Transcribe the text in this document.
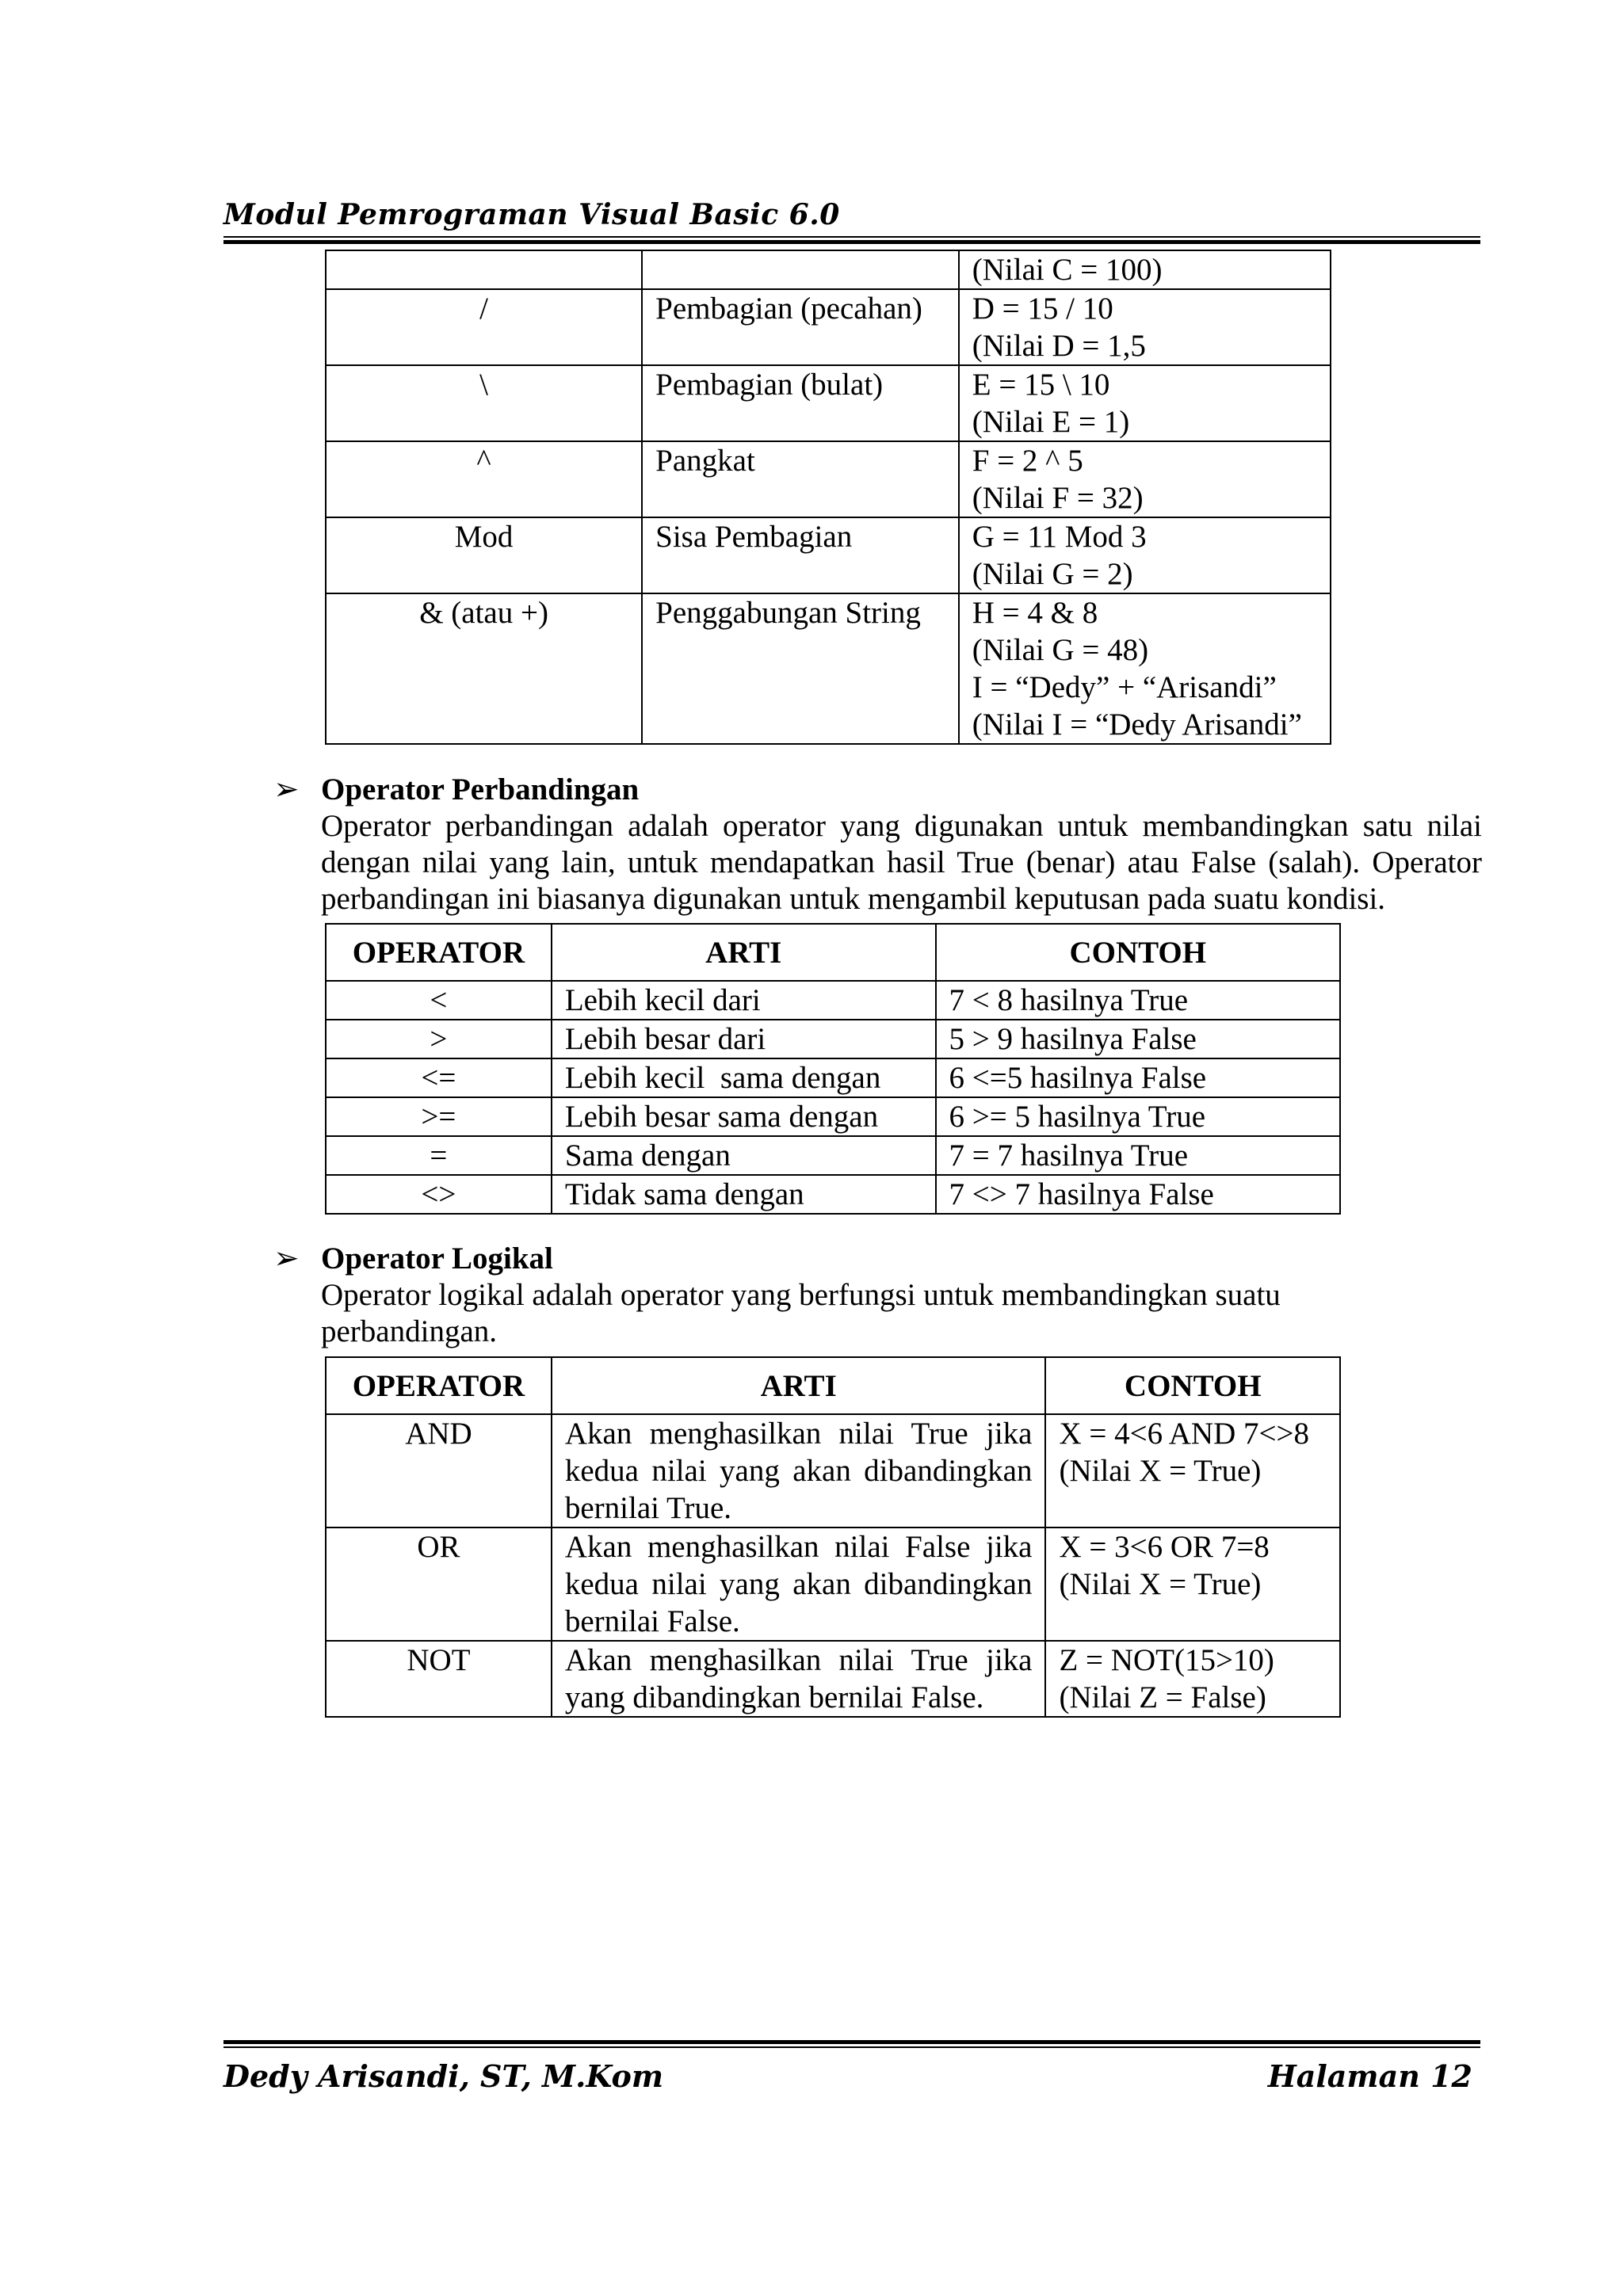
Modul Pemrograman Visual Basic 6.0
		(Nilai C = 100)
/	Pembagian (pecahan)	D = 15 / 10
(Nilai D = 1,5
\	Pembagian (bulat)	E = 15 \ 10
(Nilai E = 1)
^	Pangkat	F = 2 ^ 5
(Nilai F = 32)
Mod	Sisa Pembagian	G = 11 Mod 3
(Nilai G = 2)
& (atau +)	Penggabungan String	H = 4 & 8
(Nilai G = 48)
I = “Dedy” + “Arisandi”
(Nilai I = “Dedy Arisandi”
➢ Operator Perbandingan
Operator perbandingan adalah operator yang digunakan untuk membandingkan satu nilai dengan nilai yang lain, untuk mendapatkan hasil True (benar) atau False (salah). Operator perbandingan ini biasanya digunakan untuk mengambil keputusan pada suatu kondisi.
OPERATOR	ARTI	CONTOH
<	Lebih kecil dari	7 < 8 hasilnya True
>	Lebih besar dari	5 > 9 hasilnya False
<=	Lebih kecil  sama dengan	6 <=5 hasilnya False
>=	Lebih besar sama dengan	6 >= 5 hasilnya True
=	Sama dengan	7 = 7 hasilnya True
<>	Tidak sama dengan	7 <> 7 hasilnya False
➢ Operator Logikal
Operator logikal adalah operator yang berfungsi untuk membandingkan suatu perbandingan.
OPERATOR	ARTI	CONTOH
AND	Akan menghasilkan nilai True jika kedua nilai yang akan dibandingkan bernilai True.	X = 4<6 AND 7<>8
(Nilai X = True)
OR	Akan menghasilkan nilai False jika kedua nilai yang akan dibandingkan bernilai False.	X = 3<6 OR 7=8
(Nilai X = True)
NOT	Akan menghasilkan nilai True jika yang dibandingkan bernilai False.	Z = NOT(15>10)
(Nilai Z = False)
Dedy Arisandi, ST, M.Kom	Halaman 12
